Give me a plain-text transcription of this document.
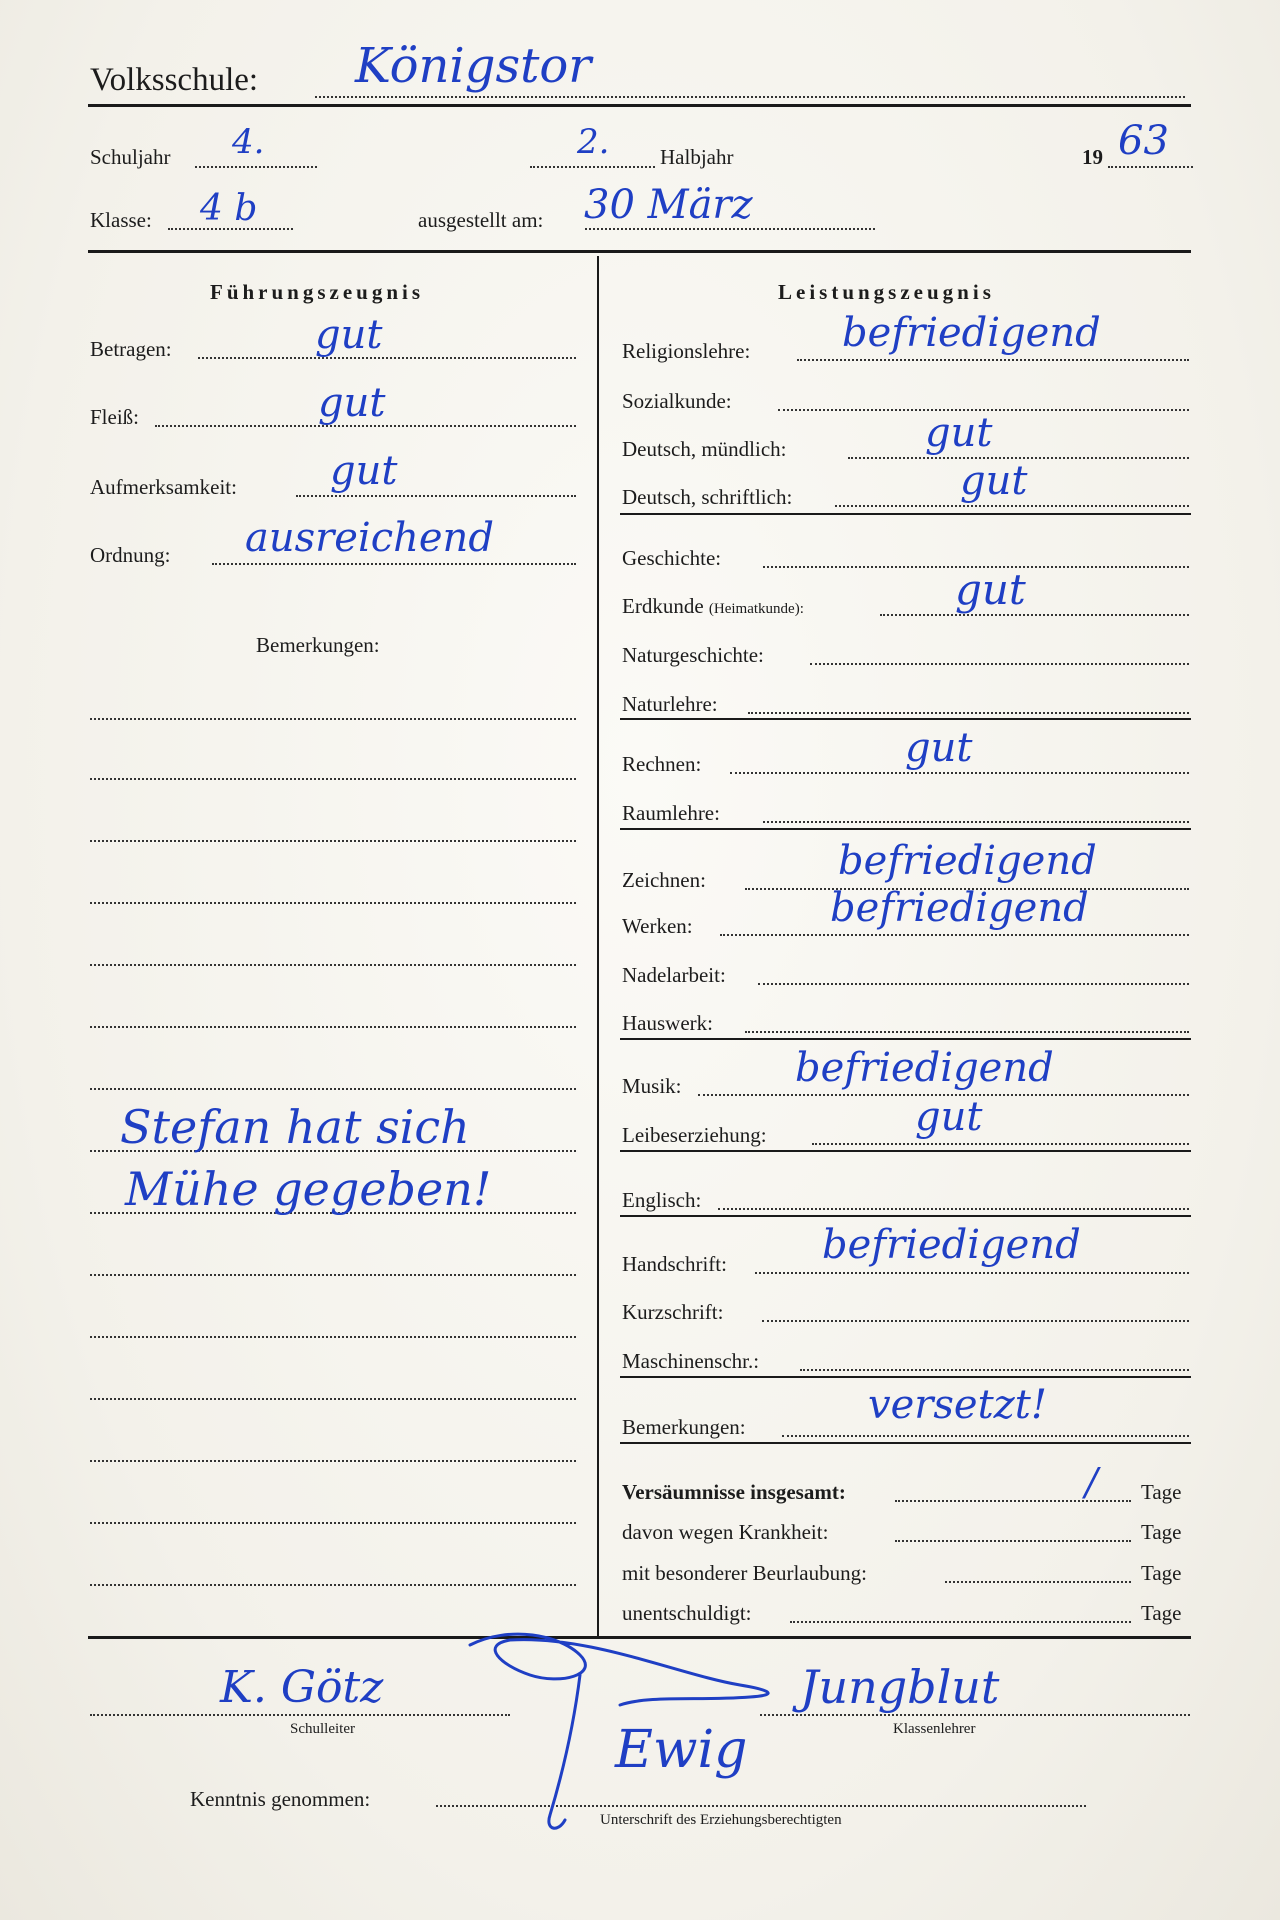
Volksschule: Königstor
Schuljahr 4.	2. Halbjahr	19 63
Klasse: 4 b	ausgestellt am: 30 März
Führungszeugnis
Betragen:	gut
Fleiß:	gut
Aufmerksamkeit: gut
Ordnung: ausreichend
Bemerkungen:
Stefan hat sich
Mühe gegeben!
Leistungszeugnis
Religionslehre: befriedigend
Sozialkunde:
Deutsch, mündlich:	gut
Deutsch, schriftlich:	gut
Geschichte:
Erdkunde (Heimatkunde):	gut
Naturgeschichte:
Naturlehre:
Rechnen:	gut
Raumlehre:
Zeichnen:	befriedigend
Werken:	befriedigend
Nadelarbeit:
Hauswerk:
Musik:	befriedigend
Leibeserziehung:	gut
Englisch:
Handschrift: befriedigend
Kurzschrift:
Maschinenschr.:
Bemerkungen:	versetzt!
Versäumnisse insgesamt:	/ Tage
davon wegen Krankheit:	Tage
mit besonderer Beurlaubung:	Tage
unentschuldigt:	Tage
K. Götz
Schulleiter
Jungblut
Klassenlehrer
Kenntnis genommen:
Unterschrift des Erziehungsberechtigten
Ewig
